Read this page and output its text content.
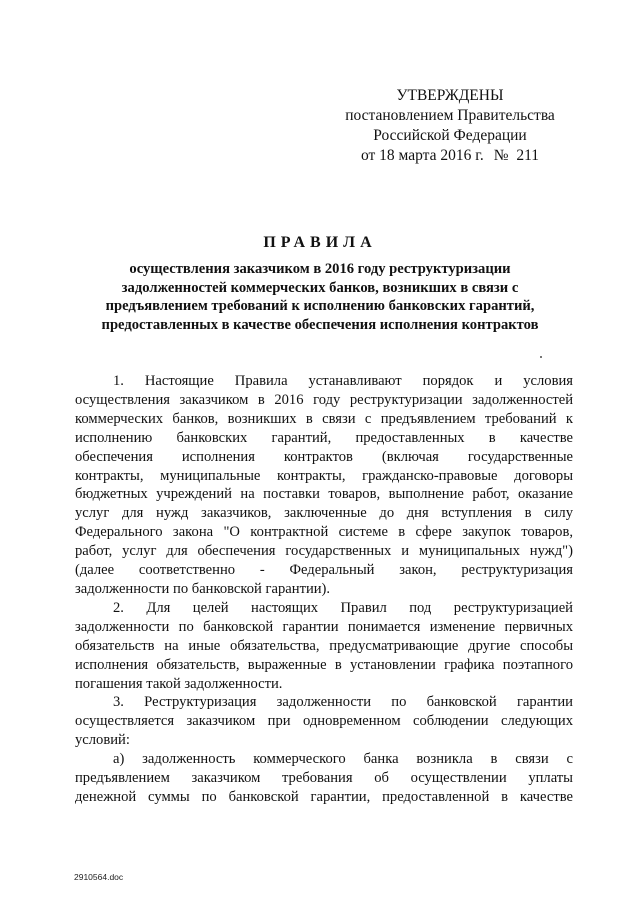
УТВЕРЖДЕНЫ
постановлением Правительства
Российской Федерации
от 18 марта 2016 г. № 211
ПРАВИЛА
осуществления заказчиком в 2016 году реструктуризации
задолженностей коммерческих банков, возникших в связи с
предъявлением требований к исполнению банковских гарантий,
предоставленных в качестве обеспечения исполнения контрактов
1. Настоящие Правила устанавливают порядок и условия
осуществления заказчиком в 2016 году реструктуризации задолженностей
коммерческих банков, возникших в связи с предъявлением требований к
исполнению банковских гарантий, предоставленных в качестве
обеспечения исполнения контрактов (включая государственные
контракты, муниципальные контракты, гражданско-правовые договоры
бюджетных учреждений на поставки товаров, выполнение работ, оказание
услуг для нужд заказчиков, заключенные до дня вступления в силу
Федерального закона "О контрактной системе в сфере закупок товаров,
работ, услуг для обеспечения государственных и муниципальных нужд")
(далее соответственно - Федеральный закон, реструктуризация
задолженности по банковской гарантии).
2. Для целей настоящих Правил под реструктуризацией
задолженности по банковской гарантии понимается изменение первичных
обязательств на иные обязательства, предусматривающие другие способы
исполнения обязательств, выраженные в установлении графика поэтапного
погашения такой задолженности.
3. Реструктуризация задолженности по банковской гарантии
осуществляется заказчиком при одновременном соблюдении следующих
условий:
а) задолженность коммерческого банка возникла в связи с
предъявлением заказчиком требования об осуществлении уплаты
денежной суммы по банковской гарантии, предоставленной в качестве
2910564.doc
